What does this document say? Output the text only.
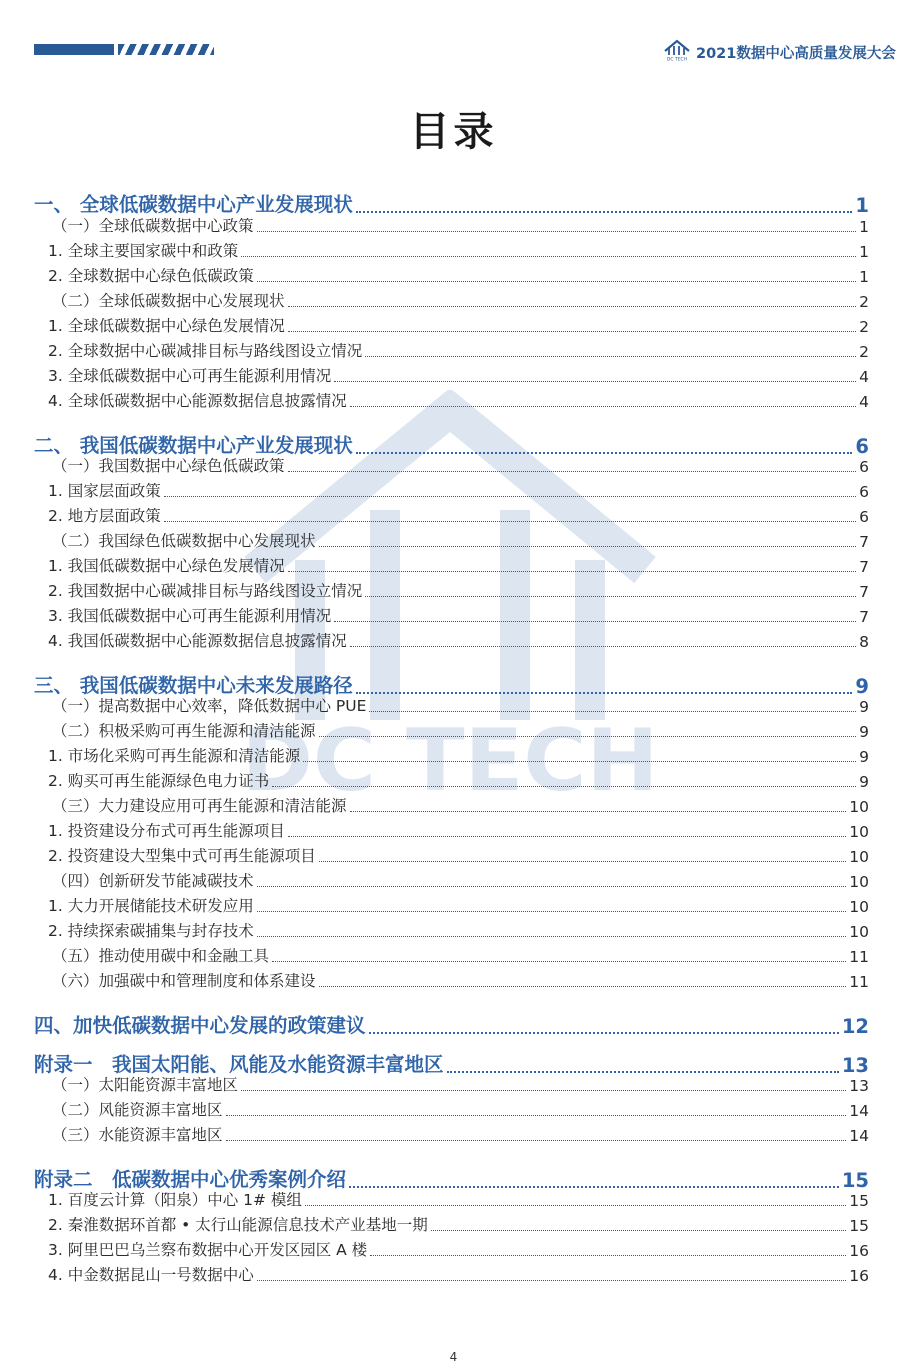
DC TECH 2021数据中心高质量发展大会
目录
DC TECH
一、 全球低碳数据中心产业发展现状	1
（一）全球低碳数据中心政策	1
1. 全球主要国家碳中和政策	1
2. 全球数据中心绿色低碳政策	1
（二）全球低碳数据中心发展现状	2
1. 全球低碳数据中心绿色发展情况	2
2. 全球数据中心碳减排目标与路线图设立情况	2
3. 全球低碳数据中心可再生能源利用情况	4
4. 全球低碳数据中心能源数据信息披露情况	4
二、 我国低碳数据中心产业发展现状	6
（一）我国数据中心绿色低碳政策	6
1. 国家层面政策	6
2. 地方层面政策	6
（二）我国绿色低碳数据中心发展现状	7
1. 我国低碳数据中心绿色发展情况	7
2. 我国数据中心碳减排目标与路线图设立情况	7
3. 我国低碳数据中心可再生能源利用情况	7
4. 我国低碳数据中心能源数据信息披露情况	8
三、 我国低碳数据中心未来发展路径	9
（一）提高数据中心效率，降低数据中心 PUE	9
（二）积极采购可再生能源和清洁能源	9
1. 市场化采购可再生能源和清洁能源	9
2. 购买可再生能源绿色电力证书	9
（三）大力建设应用可再生能源和清洁能源	10
1. 投资建设分布式可再生能源项目	10
2. 投资建设大型集中式可再生能源项目	10
（四）创新研发节能减碳技术	10
1. 大力开展储能技术研发应用	10
2. 持续探索碳捕集与封存技术	10
（五）推动使用碳中和金融工具	11
（六）加强碳中和管理制度和体系建设	11
四、加快低碳数据中心发展的政策建议	12
附录一　我国太阳能、风能及水能资源丰富地区	13
（一）太阳能资源丰富地区	13
（二）风能资源丰富地区	14
（三）水能资源丰富地区	14
附录二　低碳数据中心优秀案例介绍	15
1. 百度云计算（阳泉）中心 1# 模组	15
2. 秦淮数据环首都 • 太行山能源信息技术产业基地一期	15
3. 阿里巴巴乌兰察布数据中心开发区园区 A 楼	16
4. 中金数据昆山一号数据中心	16
4
